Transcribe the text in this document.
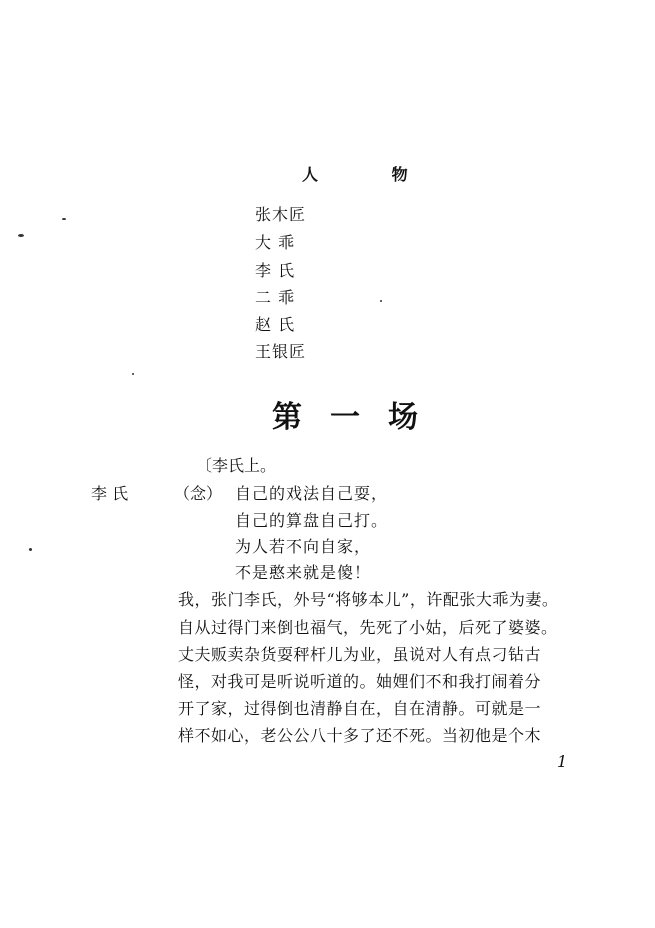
人 物
张木匠
大 乖
李 氏
二 乖
赵 氏
王银匠
第一场
〔李氏上。
李 氏	（念） 自己的戏法自己耍，
自己的算盘自己打。
为人若不向自家，
不是憨来就是傻！
我，张门李氏，外号“将够本儿”，许配张大乖为妻。
自从过得门来倒也福气，先死了小姑，后死了婆婆。
丈夫贩卖杂货耍秤杆儿为业，虽说对人有点刁钻古
怪，对我可是听说听道的。妯娌们不和我打闹着分
开了家，过得倒也清静自在，自在清静。可就是一
样不如心，老公公八十多了还不死。当初他是个木
1
